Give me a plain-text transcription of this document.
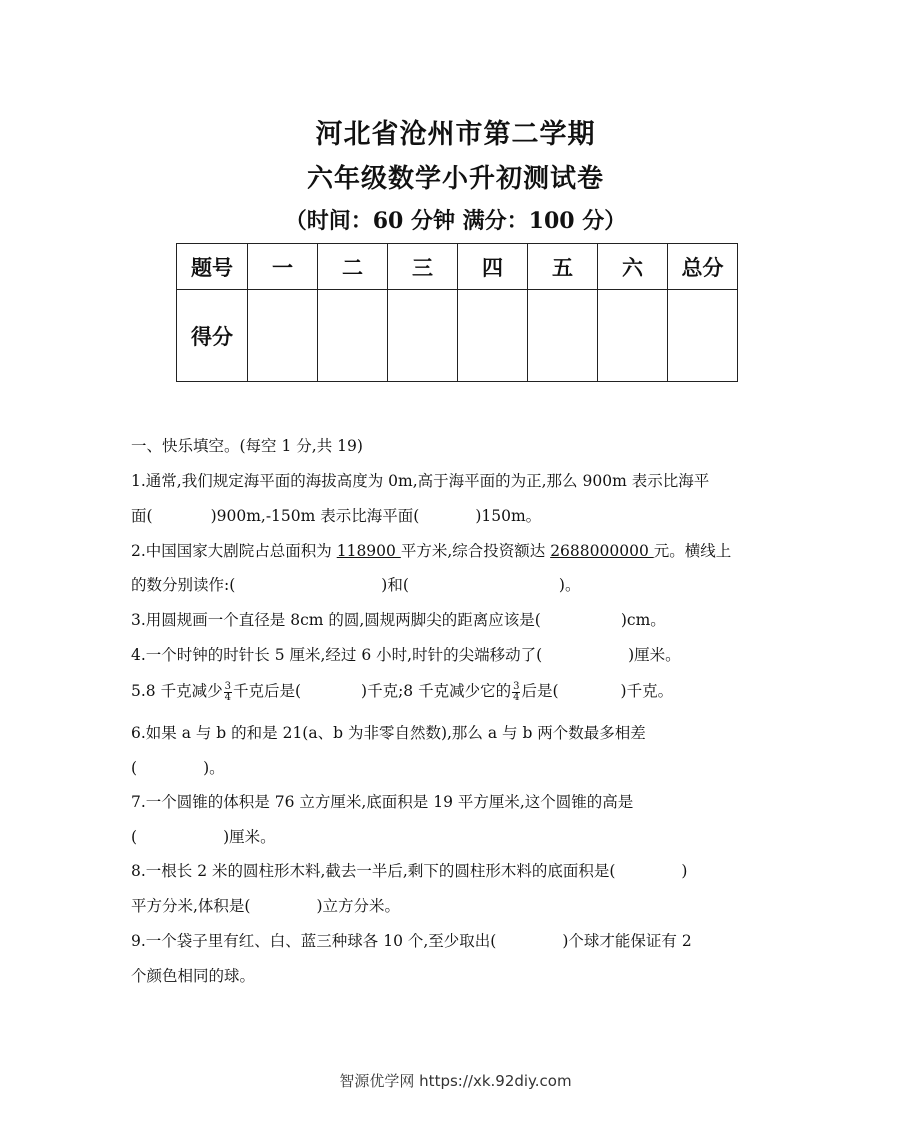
河北省沧州市第二学期
六年级数学小升初测试卷
（时间：60 分钟 满分：100 分）
题号	一	二	三	四	五	六	总分
得分							
一、快乐填空。(每空 1 分,共 19)
1.通常,我们规定海平面的海拔高度为 0m,高于海平面的为正,那么 900m 表示比海平
面(	)900m,-150m 表示比海平面(	)150m。
2.中国国家大剧院占总面积为 118900 平方米,综合投资额达 2688000000 元。横线上
的数分别读作:(	)和(	)。
3.用圆规画一个直径是 8cm 的圆,圆规两脚尖的距离应该是(	)cm。
4.一个时钟的时针长 5 厘米,经过 6 小时,时针的尖端移动了(	)厘米。
5.8 千克减少 $\frac{3}{4}$ 千克后是(	)千克;8 千克减少它的 $\frac{3}{4}$ 后是(	)千克。
6.如果 a 与 b 的和是 21(a、b 为非零自然数),那么 a 与 b 两个数最多相差
(	)。
7.一个圆锥的体积是 76 立方厘米,底面积是 19 平方厘米,这个圆锥的高是
(	)厘米。
8.一根长 2 米的圆柱形木料,截去一半后,剩下的圆柱形木料的底面积是(	)
平方分米,体积是(	)立方分米。
9.一个袋子里有红、白、蓝三种球各 10 个,至少取出(	)个球才能保证有 2
个颜色相同的球。
智源优学网 https://xk.92diy.com
